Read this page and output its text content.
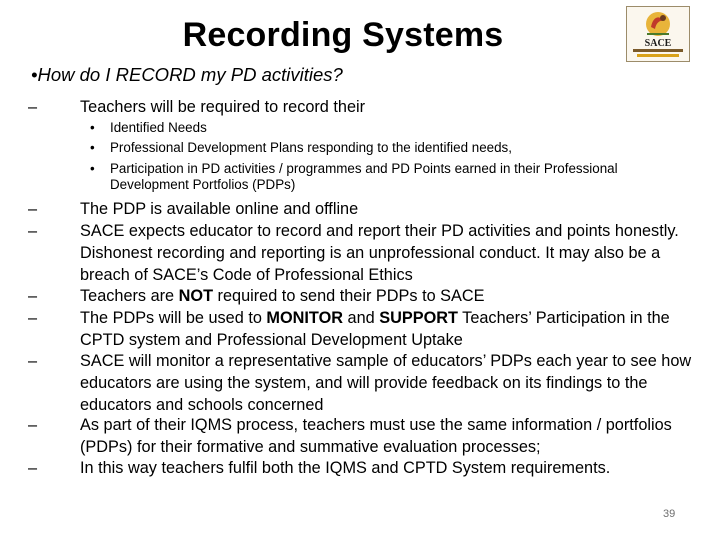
Recording Systems	SACE
•How do I RECORD my PD activities?
–	Teachers will be required to record their
• Identified Needs
• Professional Development Plans responding to the identified needs,
• Participation in PD activities / programmes and PD Points earned in their Professional Development Portfolios (PDPs)
–	The PDP is available online and offline
–	SACE expects educator to record and report their PD activities and points honestly. Dishonest recording and reporting is an unprofessional conduct. It may also be a breach of SACE’s Code of Professional Ethics
–	Teachers are NOT required to send their PDPs to SACE
–	The PDPs will be used to MONITOR and SUPPORT Teachers’ Participation in the CPTD system and Professional Development Uptake
–	SACE will monitor a representative sample of educators’ PDPs each year to see how educators are using the system, and will provide feedback on its findings to the educators and schools concerned
–	As part of their IQMS process, teachers must use the same information / portfolios (PDPs) for their formative and summative evaluation processes;
–	In this way teachers fulfil both the IQMS and CPTD System requirements.
39
